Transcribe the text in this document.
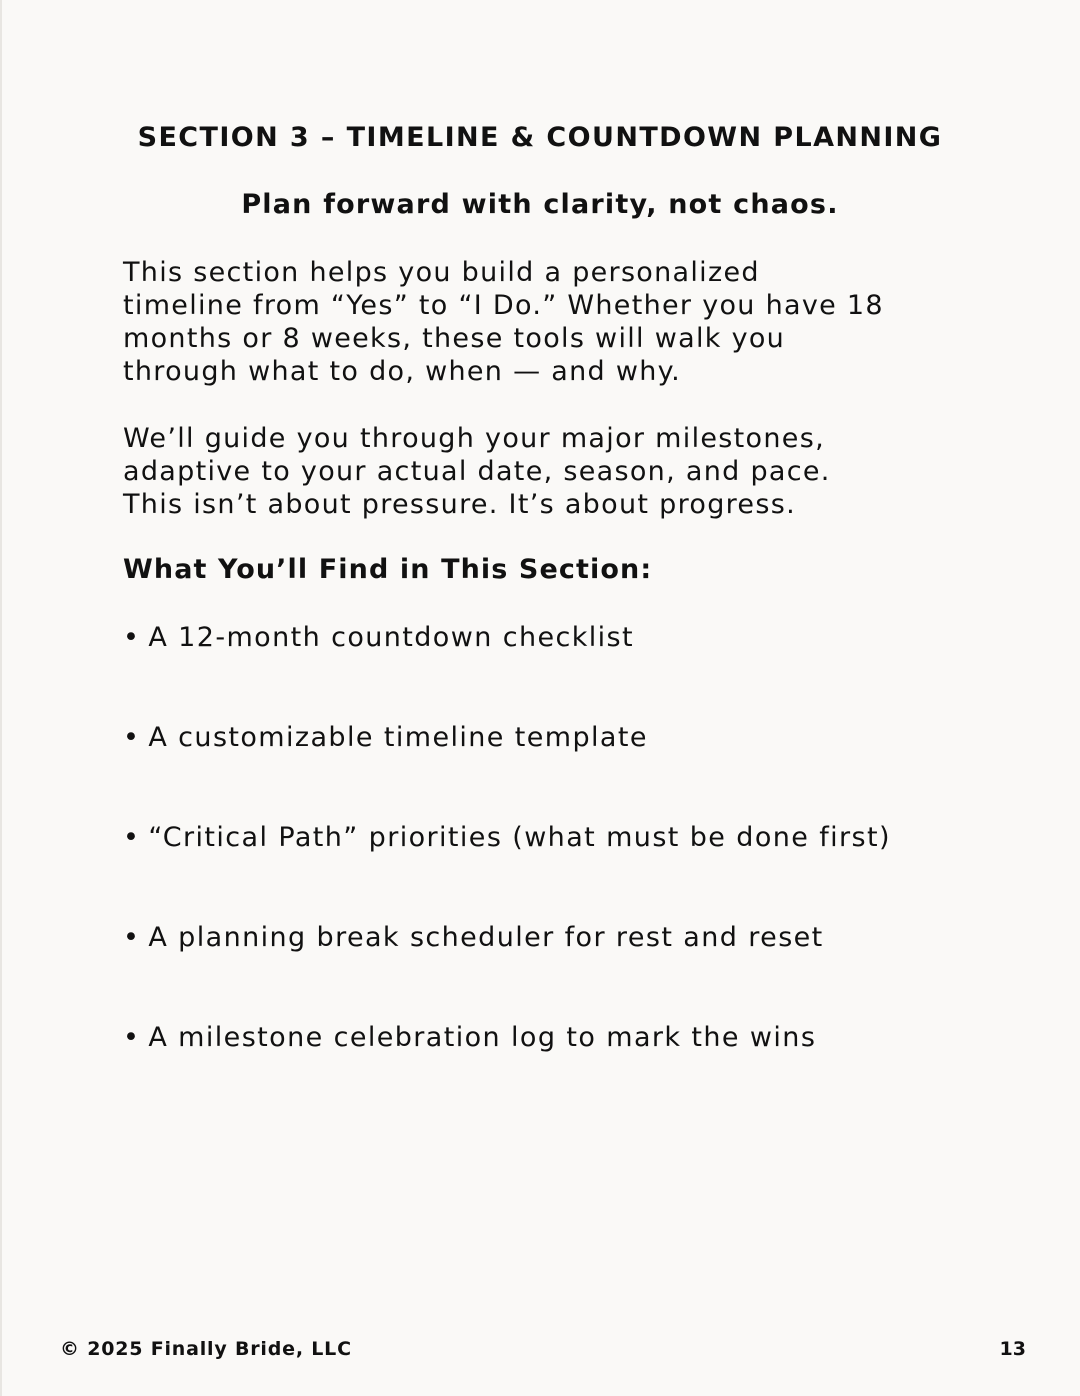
SECTION 3 – TIMELINE & COUNTDOWN PLANNING
Plan forward with clarity, not chaos.

This section helps you build a personalized
timeline from “Yes” to “I Do.” Whether you have 18
months or 8 weeks, these tools will walk you
through what to do, when — and why.

We’ll guide you through your major milestones,
adaptive to your actual date, season, and pace.
This isn’t about pressure. It’s about progress.

What You’ll Find in This Section:
• A 12-month countdown checklist
• A customizable timeline template
• “Critical Path” priorities (what must be done first)
• A planning break scheduler for rest and reset
• A milestone celebration log to mark the wins
© 2025 Finally Bride, LLC	13
